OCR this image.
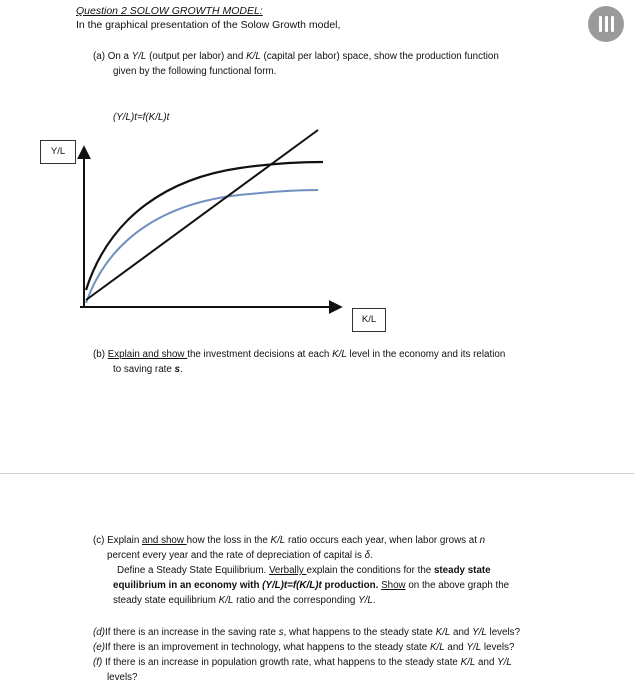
Question 2 SOLOW GROWTH MODEL:
In the graphical presentation of the Solow Growth model,
(a) On a Y/L (output per labor) and K/L (capital per labor) space, show the production function
given by the following functional form.
(Y/L)t=f(K/L)t
Y/L
K/L
(b) Explain and show the investment decisions at each K/L level in the economy and its relation
to saving rate s.
(c) Explain and show how the loss in the K/L ratio occurs each year, when labor grows at n
percent every year and the rate of depreciation of capital is δ.
Define a Steady State Equilibrium. Verbally explain the conditions for the steady state
equilibrium in an economy with (Y/L)t=f(K/L)t production. Show on the above graph the
steady state equilibrium K/L ratio and the corresponding Y/L.
(d)If there is an increase in the saving rate s, what happens to the steady state K/L and Y/L levels?
(e)If there is an improvement in technology, what happens to the steady state K/L and Y/L levels?
(f) If there is an increase in population growth rate, what happens to the steady state K/L and Y/L
levels?
